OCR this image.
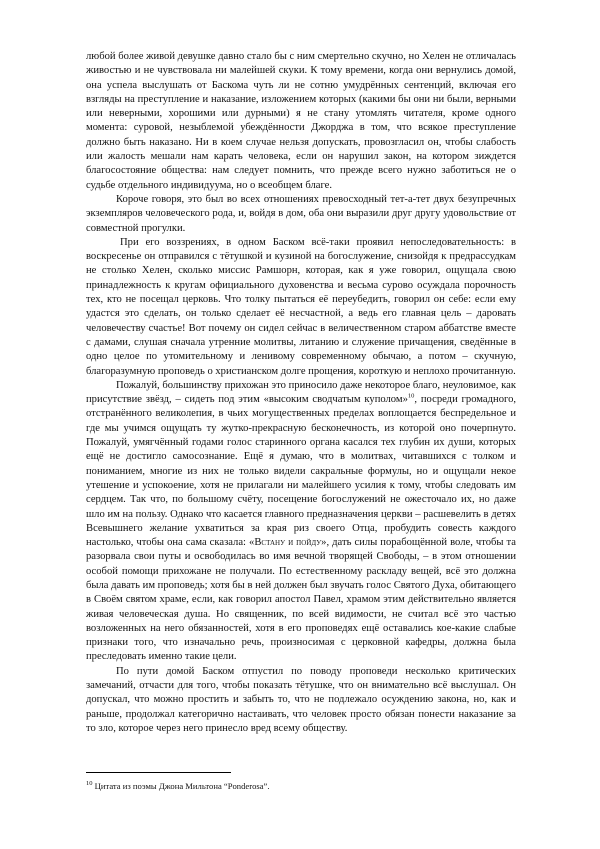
любой более живой девушке давно стало бы с ним смертельно скучно, но Хелен не отличалась живостью и не чувствовала ни малейшей скуки. К тому времени, когда они вернулись домой, она успела выслушать от Баскома чуть ли не сотню умудрённых сентенций, включая его взгляды на преступление и наказание, изложением которых (какими бы они ни были, верными или неверными, хорошими или дурными) я не стану утомлять читателя, кроме одного момента: суровой, незыблемой убеждённости Джорджа в том, что всякое преступление должно быть наказано. Ни в коем случае нельзя допускать, провозгласил он, чтобы слабость или жалость мешали нам карать человека, если он нарушил закон, на котором зиждется благосостояние общества: нам следует помнить, что прежде всего нужно заботиться не о судьбе отдельного индивидуума, но о всеобщем благе.

Короче говоря, это был во всех отношениях превосходный тет-а-тет двух безупречных экземпляров человеческого рода, и, войдя в дом, оба они выразили друг другу удовольствие от совместной прогулки.

При его воззрениях, в одном Баском всё-таки проявил непоследовательность: в воскресенье он отправился с тётушкой и кузиной на богослужение, снизойдя к предрассудкам не столько Хелен, сколько миссис Рамшорн, которая, как я уже говорил, ощущала свою принадлежность к кругам официального духовенства и весьма сурово осуждала порочность тех, кто не посещал церковь. Что толку пытаться её переубедить, говорил он себе: если ему удастся это сделать, он только сделает её несчастной, а ведь его главная цель – даровать человечеству счастье! Вот почему он сидел сейчас в величественном старом аббатстве вместе с дамами, слушая сначала утренние молитвы, литанию и служение причащения, сведённые в одно целое по утомительному и ленивому современному обычаю, а потом – скучную, благоразумную проповедь о христианском долге прощения, короткую и неплохо прочитанную.

Пожалуй, большинству прихожан это приносило даже некоторое благо, неуловимое, как присутствие звёзд, – сидеть под этим «высоким сводчатым куполом»$^{10}$, посреди громадного, отстранённого великолепия, в чьих могущественных пределах воплощается беспредельное и где мы учимся ощущать ту жутко-прекрасную бесконечность, из которой оно почерпнуто. Пожалуй, умягчённый годами голос старинного органа касался тех глубин их души, которых ещё не достигло самосознание. Ещё я думаю, что в молитвах, читавшихся с толком и пониманием, многие из них не только видели сакральные формулы, но и ощущали некое утешение и успокоение, хотя не прилагали ни малейшего усилия к тому, чтобы следовать им сердцем. Так что, по большому счёту, посещение богослужений не ожесточало их, но даже шло им на пользу. Однако что касается главного предназначения церкви – расшевелить в детях Всевышнего желание ухватиться за края риз своего Отца, пробудить совесть каждого настолько, чтобы она сама сказала: «Встану и пойду», дать силы порабощённой воле, чтобы та разорвала свои путы и освободилась во имя вечной творящей Свободы, – в этом отношении особой помощи прихожане не получали. По естественному раскладу вещей, всё это должна была давать им проповедь; хотя бы в ней должен был звучать голос Святого Духа, обитающего в Своём святом храме, если, как говорил апостол Павел, храмом этим действительно является живая человеческая душа. Но священник, по всей видимости, не считал всё это частью возложенных на него обязанностей, хотя в его проповедях ещё оставались кое-какие слабые признаки того, что изначально речь, произносимая с церковной кафедры, должна была преследовать именно такие цели.

По пути домой Баском отпустил по поводу проповеди несколько критических замечаний, отчасти для того, чтобы показать тётушке, что он внимательно всё выслушал. Он допускал, что можно простить и забыть то, что не подлежало осуждению закона, но, как и раньше, продолжал категорично настаивать, что человек просто обязан понести наказание за то зло, которое через него принесло вред всему обществу.

$^{10}$ Цитата из поэмы Джона Мильтона “Ponderosa”.
